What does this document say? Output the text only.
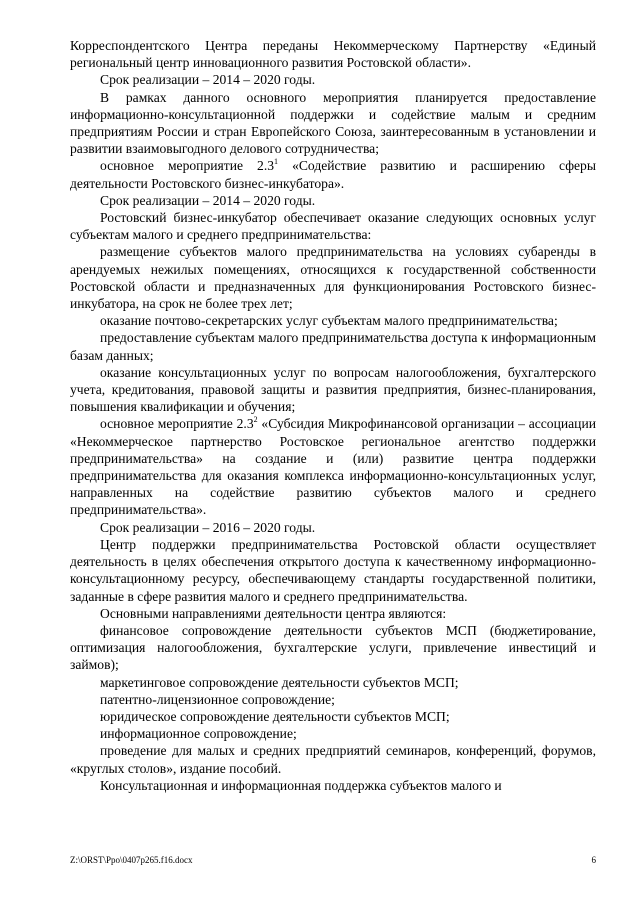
Корреспондентского Центра переданы Некоммерческому Партнерству «Единый региональный центр инновационного развития Ростовской области».

Срок реализации – 2014 – 2020 годы.

В рамках данного основного мероприятия планируется предоставление информационно-консультационной поддержки и содействие малым и средним предприятиям России и стран Европейского Союза, заинтересованным в установлении и развитии взаимовыгодного делового сотрудничества;

основное мероприятие $2.3^1$ «Содействие развитию и расширению сферы деятельности Ростовского бизнес-инкубатора».

Срок реализации – 2014 – 2020 годы.

Ростовский бизнес-инкубатор обеспечивает оказание следующих основных услуг субъектам малого и среднего предпринимательства:

размещение субъектов малого предпринимательства на условиях субаренды в арендуемых нежилых помещениях, относящихся к государственной собственности Ростовской области и предназначенных для функционирования Ростовского бизнес-инкубатора, на срок не более трех лет;

оказание почтово-секретарских услуг субъектам малого предпринимательства;

предоставление субъектам малого предпринимательства доступа к информационным базам данных;

оказание консультационных услуг по вопросам налогообложения, бухгалтерского учета, кредитования, правовой защиты и развития предприятия, бизнес-планирования, повышения квалификации и обучения;

основное мероприятие $2.3^2$ «Субсидия Микрофинансовой организации – ассоциации «Некоммерческое партнерство Ростовское региональное агентство поддержки предпринимательства» на создание и (или) развитие центра поддержки предпринимательства для оказания комплекса информационно-консультационных услуг, направленных на содействие развитию субъектов малого и среднего предпринимательства».

Срок реализации – 2016 – 2020 годы.

Центр поддержки предпринимательства Ростовской области осуществляет деятельность в целях обеспечения открытого доступа к качественному информационно-консультационному ресурсу, обеспечивающему стандарты государственной политики, заданные в сфере развития малого и среднего предпринимательства.

Основными направлениями деятельности центра являются:

финансовое сопровождение деятельности субъектов МСП (бюджетирование, оптимизация налогообложения, бухгалтерские услуги, привлечение инвестиций и займов);

маркетинговое сопровождение деятельности субъектов МСП;

патентно-лицензионное сопровождение;

юридическое сопровождение деятельности субъектов МСП;

информационное сопровождение;

проведение для малых и средних предприятий семинаров, конференций, форумов, «круглых столов», издание пособий.

Консультационная и информационная поддержка субъектов малого и

Z:\ORST\Ppo\0407p265.f16.docx	6
